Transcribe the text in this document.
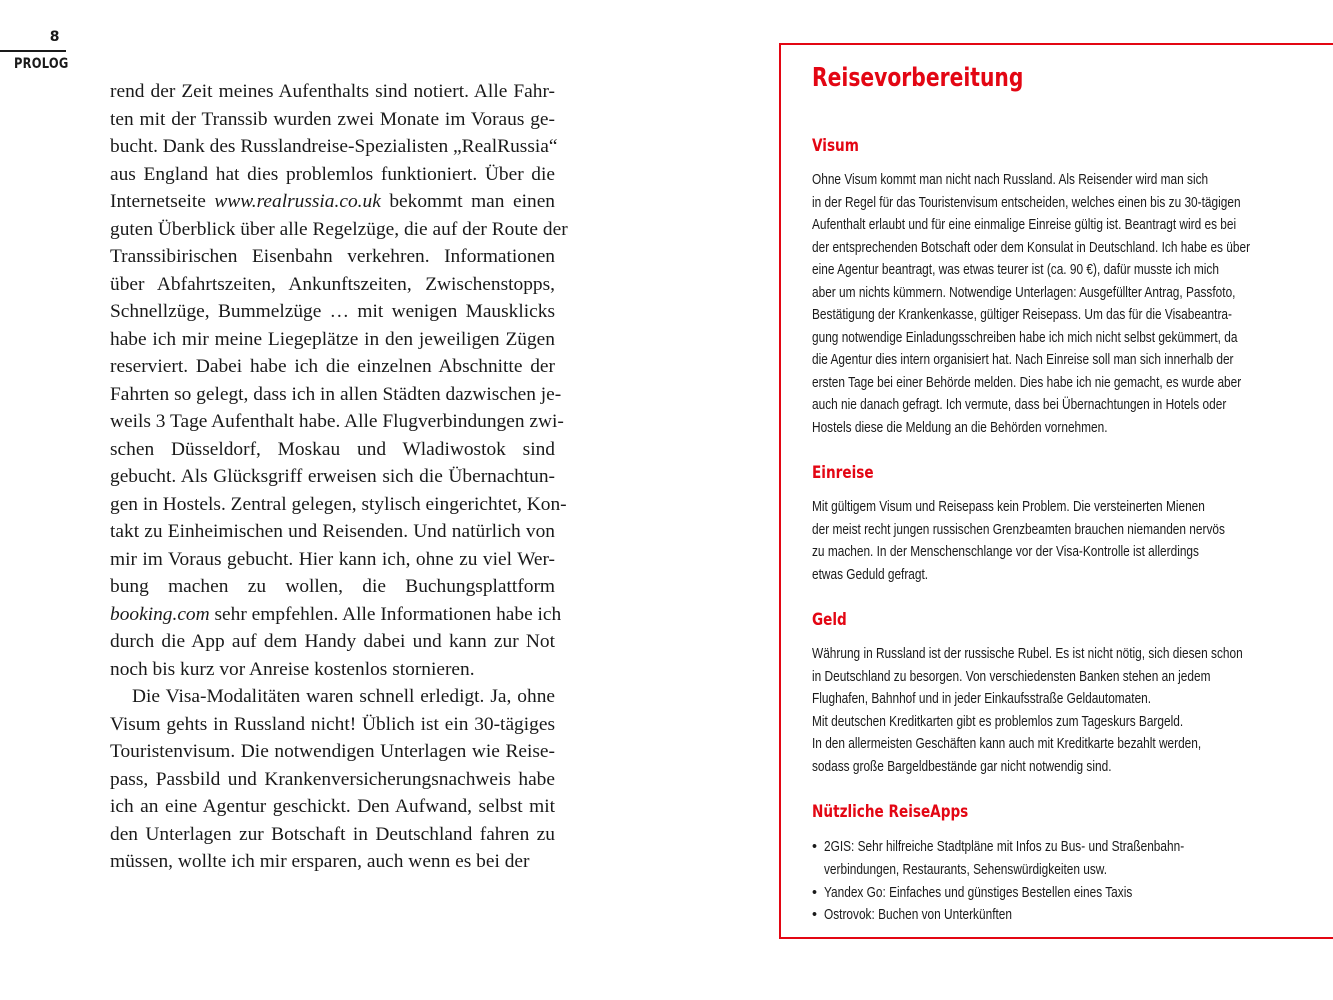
8
PROLOG
rend der Zeit meines Aufenthalts sind notiert. Alle Fahr-
ten mit der Transsib wurden zwei Monate im Voraus ge-
bucht. Dank des Russlandreise-Spezialisten „RealRussia“
aus England hat dies problemlos funktioniert. Über die
Internetseite www.realrussia.co.uk bekommt man einen
guten Überblick über alle Regelzüge, die auf der Route der
Transsibirischen Eisenbahn verkehren. Informationen
über Abfahrtszeiten, Ankunftszeiten, Zwischenstopps,
Schnellzüge, Bummelzüge … mit wenigen Mausklicks
habe ich mir meine Liegeplätze in den jeweiligen Zügen
reserviert. Dabei habe ich die einzelnen Abschnitte der
Fahrten so gelegt, dass ich in allen Städten dazwischen je-
weils 3 Tage Aufenthalt habe. Alle Flugverbindungen zwi-
schen Düsseldorf, Moskau und Wladiwostok sind
gebucht. Als Glücksgriff erweisen sich die Übernachtun-
gen in Hostels. Zentral gelegen, stylisch eingerichtet, Kon-
takt zu Einheimischen und Reisenden. Und natürlich von
mir im Voraus gebucht. Hier kann ich, ohne zu viel Wer-
bung machen zu wollen, die Buchungsplattform
booking.com sehr empfehlen. Alle Informationen habe ich
durch die App auf dem Handy dabei und kann zur Not
noch bis kurz vor Anreise kostenlos stornieren.
Die Visa-Modalitäten waren schnell erledigt. Ja, ohne
Visum gehts in Russland nicht! Üblich ist ein 30-tägiges
Touristenvisum. Die notwendigen Unterlagen wie Reise-
pass, Passbild und Krankenversicherungsnachweis habe
ich an eine Agentur geschickt. Den Aufwand, selbst mit
den Unterlagen zur Botschaft in Deutschland fahren zu
müssen, wollte ich mir ersparen, auch wenn es bei der
Reisevorbereitung
Visum
Ohne Visum kommt man nicht nach Russland. Als Reisender wird man sich
in der Regel für das Touristenvisum entscheiden, welches einen bis zu 30-tägigen
Aufenthalt erlaubt und für eine einmalige Einreise gültig ist. Beantragt wird es bei
der entsprechenden Botschaft oder dem Konsulat in Deutschland. Ich habe es über
eine Agentur beantragt, was etwas teurer ist (ca. 90 €), dafür musste ich mich
aber um nichts kümmern. Notwendige Unterlagen: Ausgefüllter Antrag, Passfoto,
Bestätigung der Krankenkasse, gültiger Reisepass. Um das für die Visabeantra-
gung notwendige Einladungsschreiben habe ich mich nicht selbst gekümmert, da
die Agentur dies intern organisiert hat. Nach Einreise soll man sich innerhalb der
ersten Tage bei einer Behörde melden. Dies habe ich nie gemacht, es wurde aber
auch nie danach gefragt. Ich vermute, dass bei Übernachtungen in Hotels oder
Hostels diese die Meldung an die Behörden vornehmen.
Einreise
Mit gültigem Visum und Reisepass kein Problem. Die versteinerten Mienen
der meist recht jungen russischen Grenzbeamten brauchen niemanden nervös
zu machen. In der Menschenschlange vor der Visa-Kontrolle ist allerdings
etwas Geduld gefragt.
Geld
Währung in Russland ist der russische Rubel. Es ist nicht nötig, sich diesen schon
in Deutschland zu besorgen. Von verschiedensten Banken stehen an jedem
Flughafen, Bahnhof und in jeder Einkaufsstraße Geldautomaten.
Mit deutschen Kreditkarten gibt es problemlos zum Tageskurs Bargeld.
In den allermeisten Geschäften kann auch mit Kreditkarte bezahlt werden,
sodass große Bargeldbestände gar nicht notwendig sind.
Nützliche ReiseApps
• 2GIS: Sehr hilfreiche Stadtpläne mit Infos zu Bus- und Straßenbahn-
verbindungen, Restaurants, Sehenswürdigkeiten usw.
• Yandex Go: Einfaches und günstiges Bestellen eines Taxis
• Ostrovok: Buchen von Unterkünften
